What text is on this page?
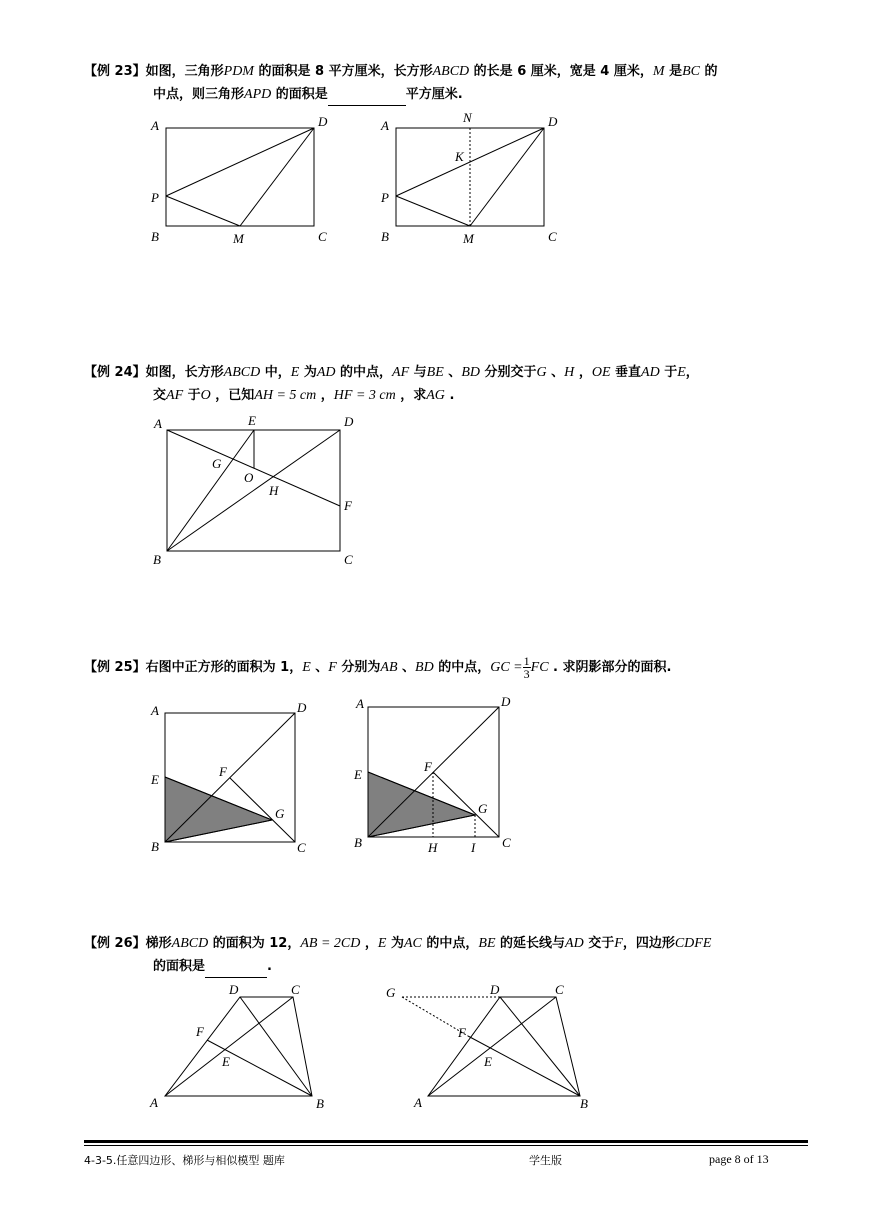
【例 23】如图，三角形PDM 的面积是 8 平方厘米，长方形ABCD 的长是 6 厘米，宽是 4 厘米，M 是BC 的
中点，则三角形APD 的面积是	平方厘米.
A	D
P
B	M	C
A
N	D
K
P
B	M	C
【例 24】如图，长方形ABCD 中，E 为AD 的中点，AF 与BE 、BD 分别交于G 、H ，OE 垂直AD 于E，
交AF 于O ，已知AH = 5 cm ，HF = 3 cm ，求AG .
A	E	D
G
O
H
F
B	C
【例 25】右图中正方形的面积为 1，E 、F 分别为AB 、BD 的中点，GC = $\frac{1}{3}$ FC . 求阴影部分的面积.
A	D
E
F
G
B	C
A	D
E
F
G
B	H	I C
【例 26】梯形ABCD 的面积为 12，AB = 2CD ，E 为AC 的中点，BE 的延长线与AD 交于F，四边形CDFE
的面积是	.
D	C
F
E
A	B
G	D	C
F
E
A	B
4-3-5.任意四边形、梯形与相似模型 题库	学生版	page 8 of 13
